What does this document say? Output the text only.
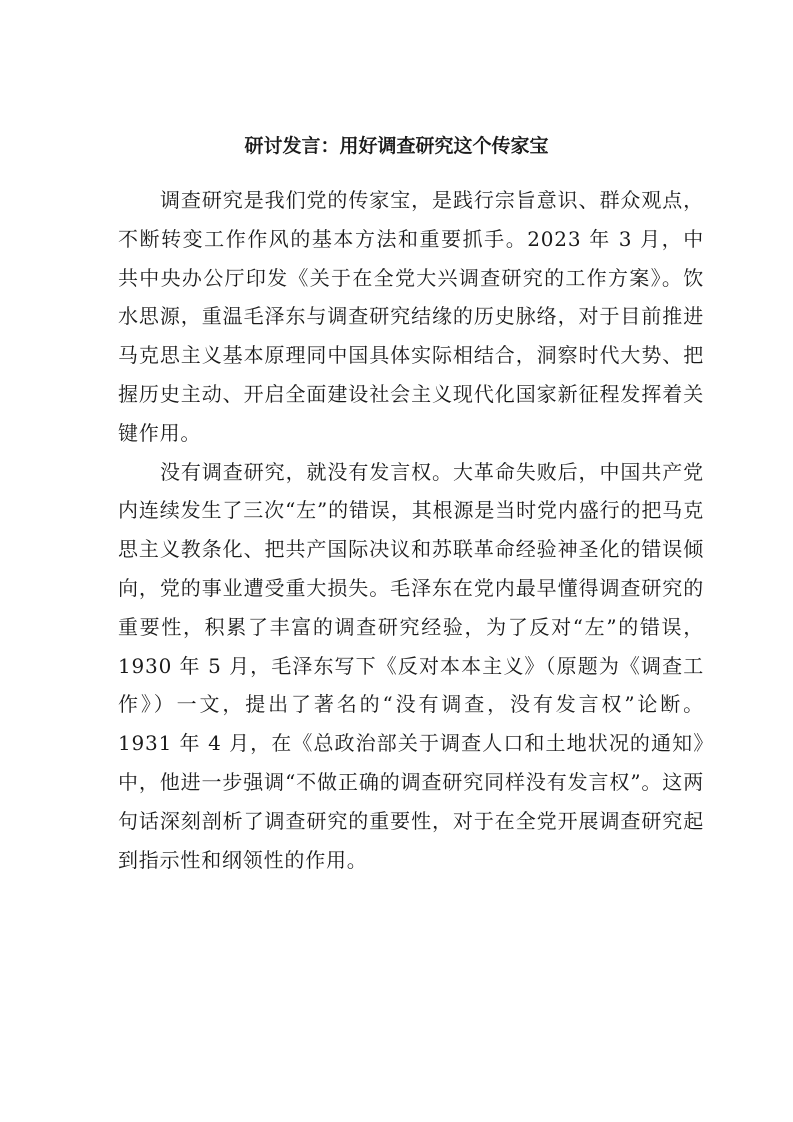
研讨发言：用好调查研究这个传家宝

调查研究是我们党的传家宝，是践行宗旨意识、群众观点，不断转变工作作风的基本方法和重要抓手。2023 年 3 月，中共中央办公厅印发《关于在全党大兴调查研究的工作方案》。饮水思源，重温毛泽东与调查研究结缘的历史脉络，对于目前推进马克思主义基本原理同中国具体实际相结合，洞察时代大势、把握历史主动、开启全面建设社会主义现代化国家新征程发挥着关键作用。

没有调查研究，就没有发言权。大革命失败后，中国共产党内连续发生了三次“左”的错误，其根源是当时党内盛行的把马克思主义教条化、把共产国际决议和苏联革命经验神圣化的错误倾向，党的事业遭受重大损失。毛泽东在党内最早懂得调查研究的重要性，积累了丰富的调查研究经验，为了反对“左”的错误，1930 年 5 月，毛泽东写下《反对本本主义》（原题为《调查工作》）一文，提出了著名的“没有调查，没有发言权”论断。1931 年 4 月，在《总政治部关于调查人口和土地状况的通知》中，他进一步强调“不做正确的调查研究同样没有发言权”。这两句话深刻剖析了调查研究的重要性，对于在全党开展调查研究起到指示性和纲领性的作用。
